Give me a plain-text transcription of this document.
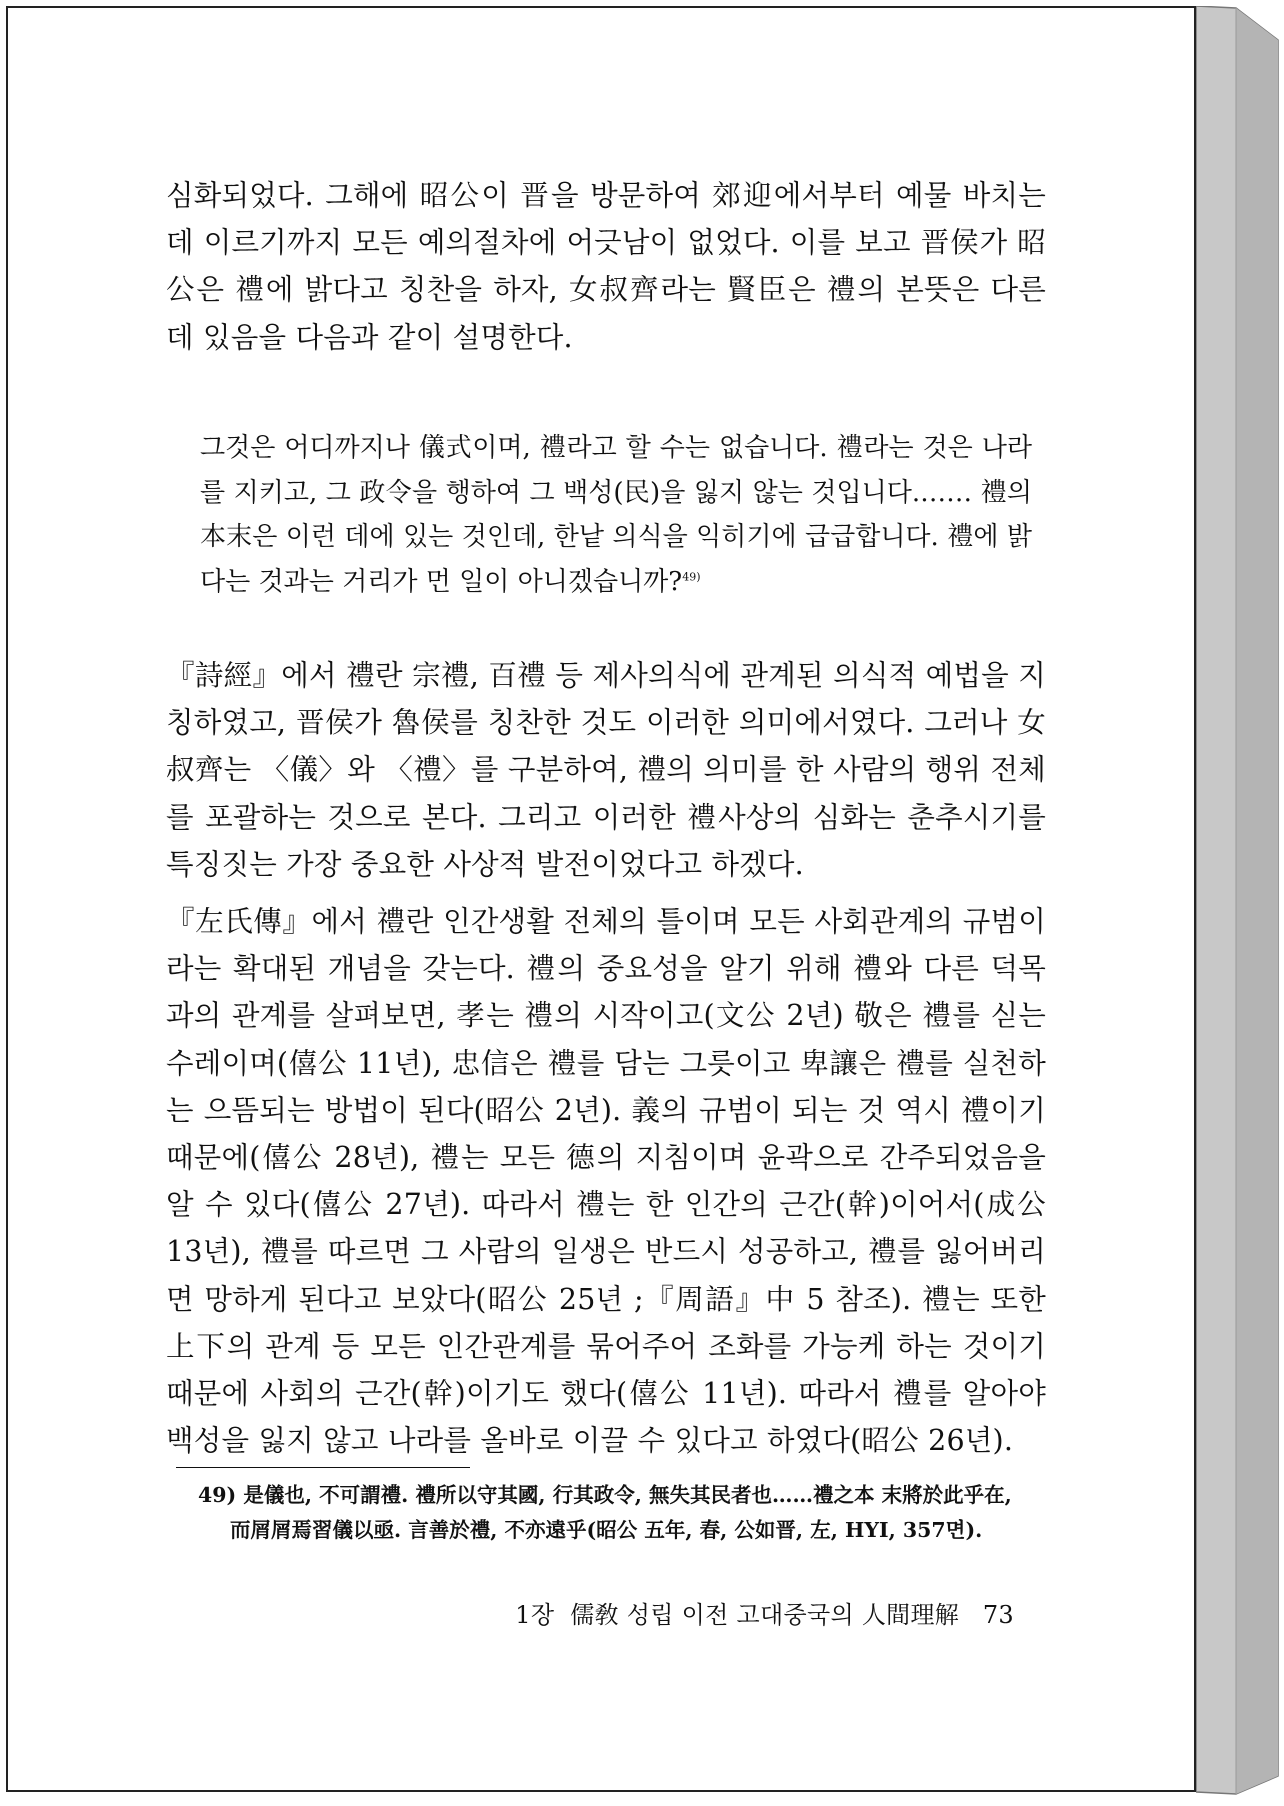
심화되었다. 그해에 昭公이 晋을 방문하여 郊迎에서부터 예물 바치는 데 이르기까지 모든 예의절차에 어긋남이 없었다. 이를 보고 晋侯가 昭公은 禮에 밝다고 칭찬을 하자, 女叔齊라는 賢臣은 禮의 본뜻은 다른 데 있음을 다음과 같이 설명한다.

그것은 어디까지나 儀式이며, 禮라고 할 수는 없습니다. 禮라는 것은 나라를 지키고, 그 政令을 행하여 그 백성(民)을 잃지 않는 것입니다.…… 禮의 本末은 이런 데에 있는 것인데, 한낱 의식을 익히기에 급급합니다. 禮에 밝다는 것과는 거리가 먼 일이 아니겠습니까?$^{49)}$

『詩經』에서 禮란 宗禮, 百禮 등 제사의식에 관계된 의식적 예법을 지칭하였고, 晋侯가 魯侯를 칭찬한 것도 이러한 의미에서였다. 그러나 女叔齊는 〈儀〉와 〈禮〉를 구분하여, 禮의 의미를 한 사람의 행위 전체를 포괄하는 것으로 본다. 그리고 이러한 禮사상의 심화는 춘추시기를 특징짓는 가장 중요한 사상적 발전이었다고 하겠다.

『左氏傳』에서 禮란 인간생활 전체의 틀이며 모든 사회관계의 규범이라는 확대된 개념을 갖는다. 禮의 중요성을 알기 위해 禮와 다른 덕목과의 관계를 살펴보면, 孝는 禮의 시작이고(文公 2년) 敬은 禮를 싣는 수레이며(僖公 11년), 忠信은 禮를 담는 그릇이고 卑讓은 禮를 실천하는 으뜸되는 방법이 된다(昭公 2년). 義의 규범이 되는 것 역시 禮이기 때문에(僖公 28년), 禮는 모든 德의 지침이며 윤곽으로 간주되었음을 알 수 있다(僖公 27년). 따라서 禮는 한 인간의 근간(幹)이어서(成公 13년), 禮를 따르면 그 사람의 일생은 반드시 성공하고, 禮를 잃어버리면 망하게 된다고 보았다(昭公 25년 ;『周語』中 5 참조). 禮는 또한 上下의 관계 등 모든 인간관계를 묶어주어 조화를 가능케 하는 것이기 때문에 사회의 근간(幹)이기도 했다(僖公 11년). 따라서 禮를 알아야 백성을 잃지 않고 나라를 올바로 이끌 수 있다고 하였다(昭公 26년).

49) 是儀也, 不可謂禮. 禮所以守其國, 行其政令, 無失其民者也……禮之本 末將於此乎在,
而屑屑焉習儀以亟. 言善於禮, 不亦遠乎(昭公 五年, 春, 公如晋, 左, HYI, 357면).

1장 儒敎 성립 이전 고대중국의 人間理解 73
